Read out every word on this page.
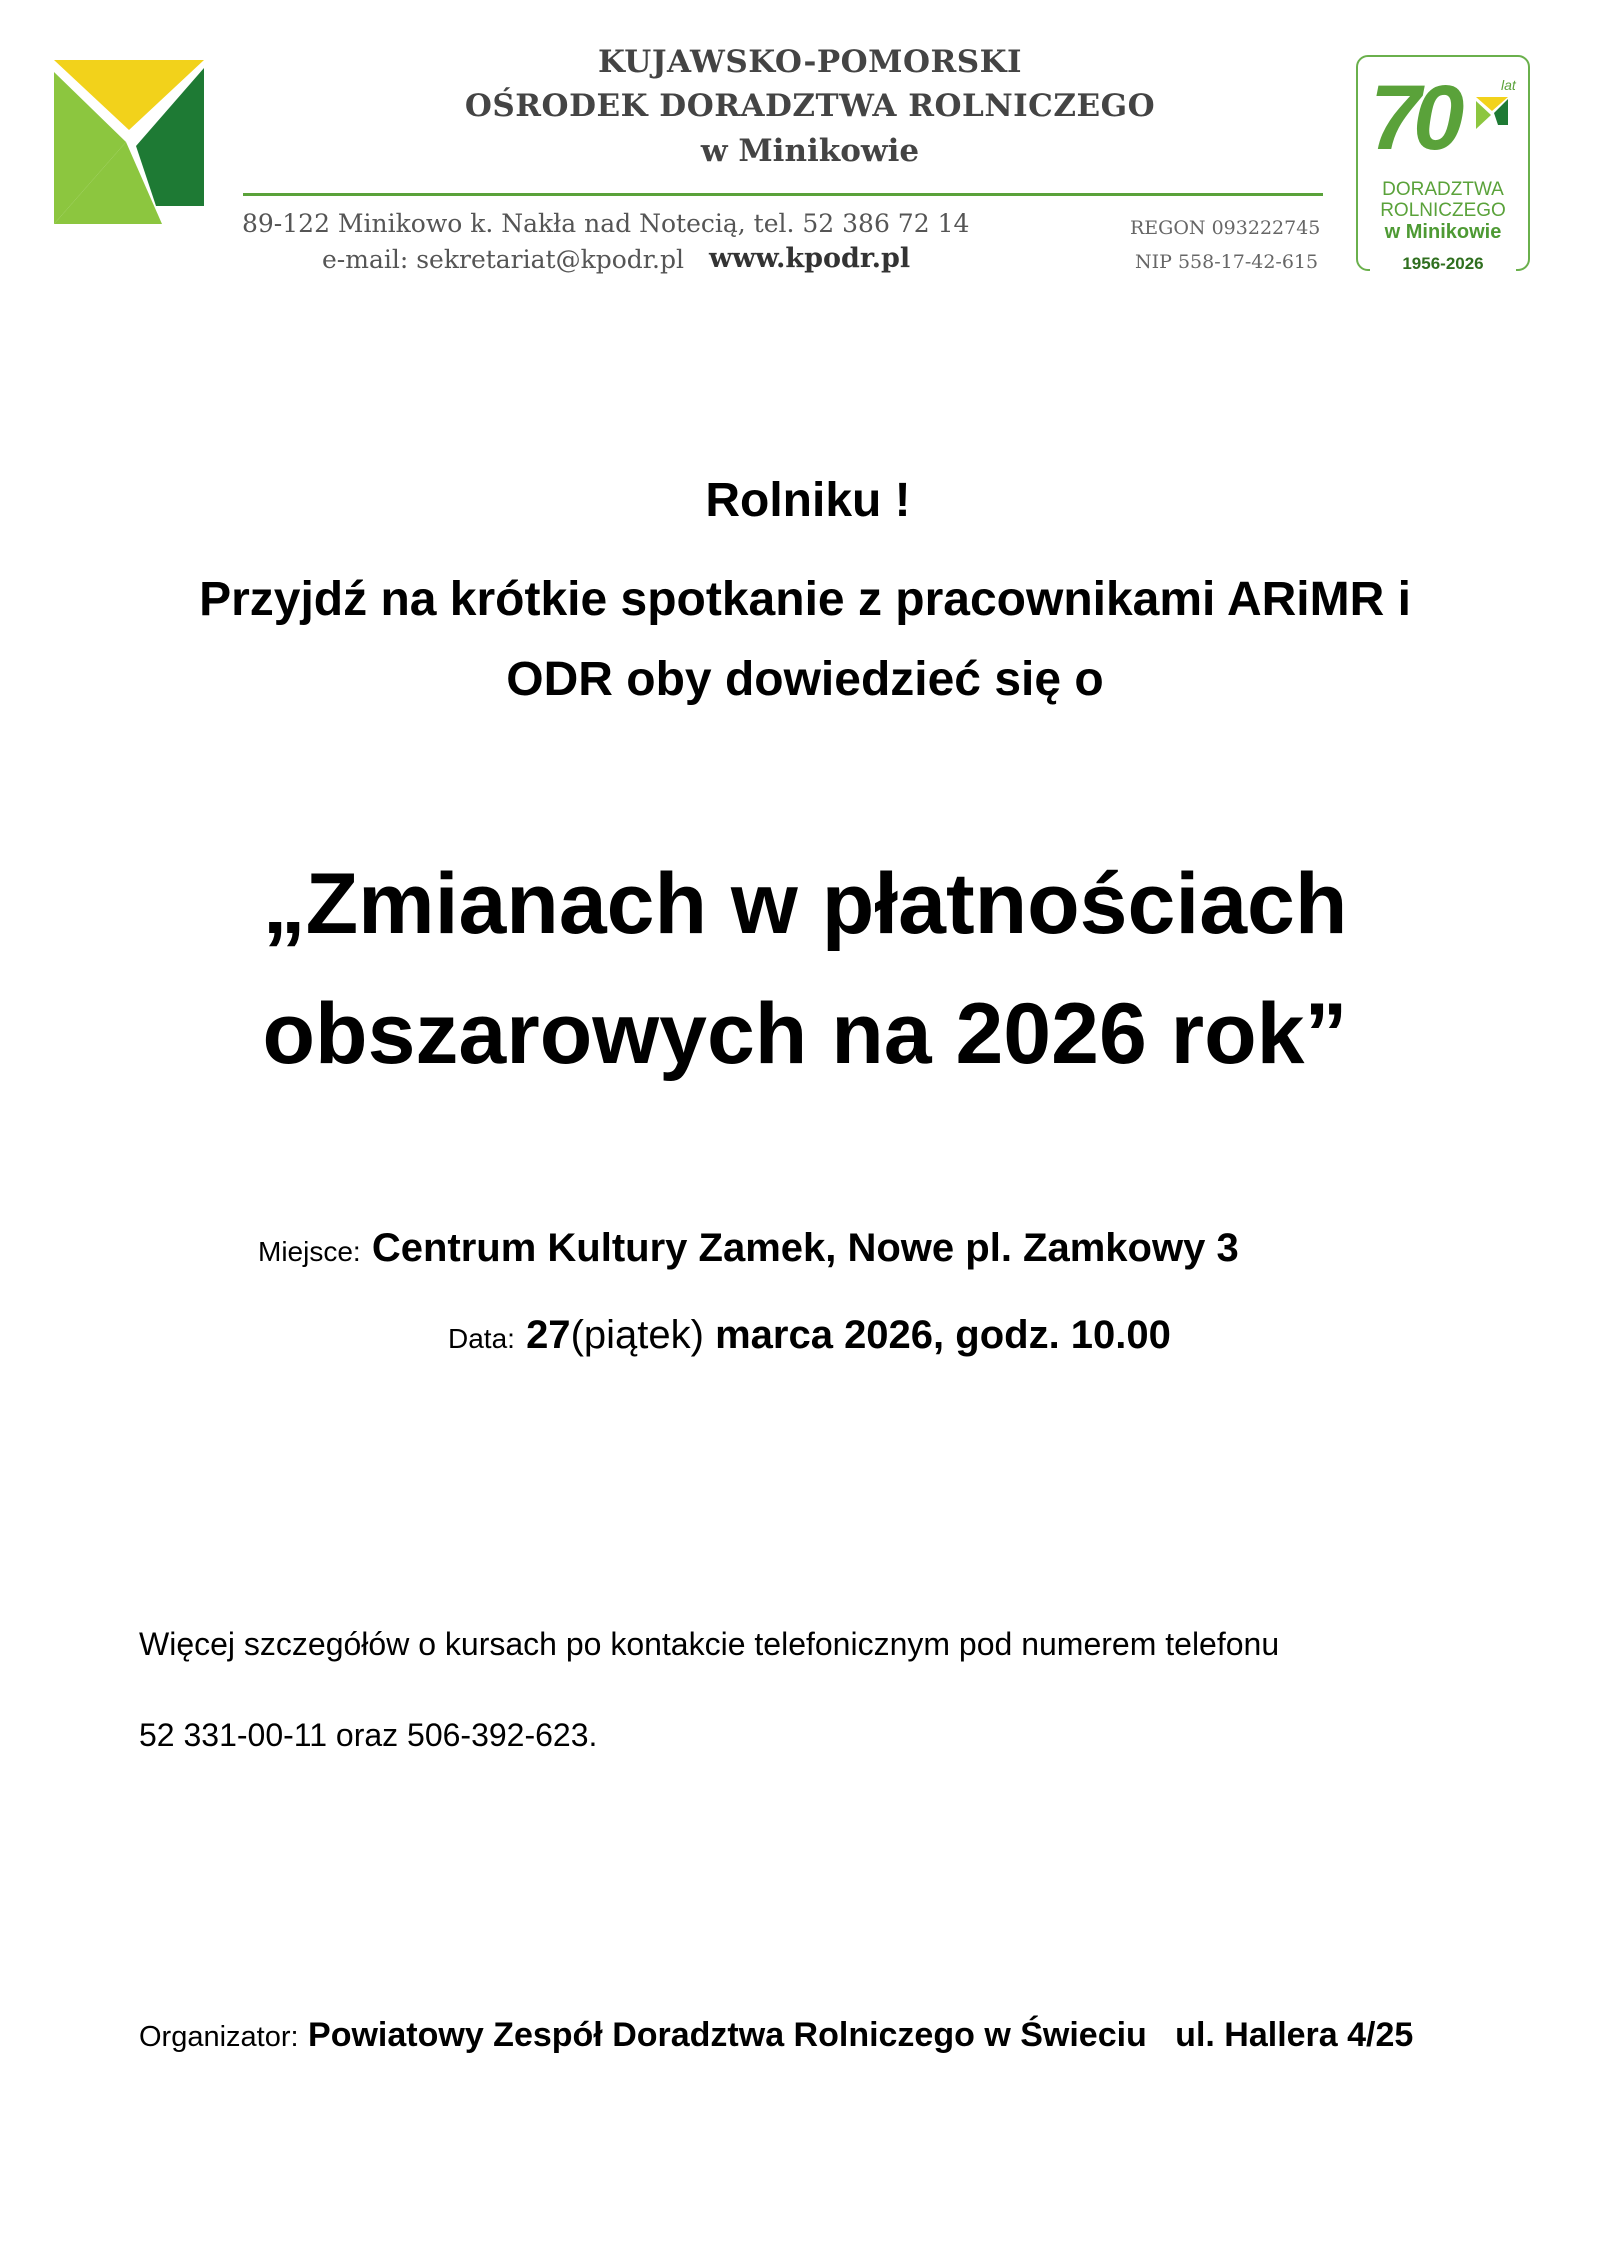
KUJAWSKO-POMORSKI
OŚRODEK DORADZTWA ROLNICZEGO
w Minikowie
89-122 Minikowo k. Nakła nad Notecią, tel. 52 386 72 14
e-mail: sekretariat@kpodr.pl www.kpodr.pl
REGON 093222745
NIP 558-17-42-615
70	lat
DORADZTWA
ROLNICZEGO
w Minikowie
1956-2026
Rolniku !
Przyjdź na krótkie spotkanie z pracownikami ARiMR i
ODR oby dowiedzieć się o
„Zmianach w płatnościach
obszarowych na 2026 rok”
Miejsce: Centrum Kultury Zamek, Nowe pl. Zamkowy 3
Data: 27(piątek) marca 2026, godz. 10.00
Więcej szczegółów o kursach po kontakcie telefonicznym pod numerem telefonu
52 331-00-11 oraz 506-392-623.
Organizator: Powiatowy Zespół Doradztwa Rolniczego w Świeciu ul. Hallera 4/25
